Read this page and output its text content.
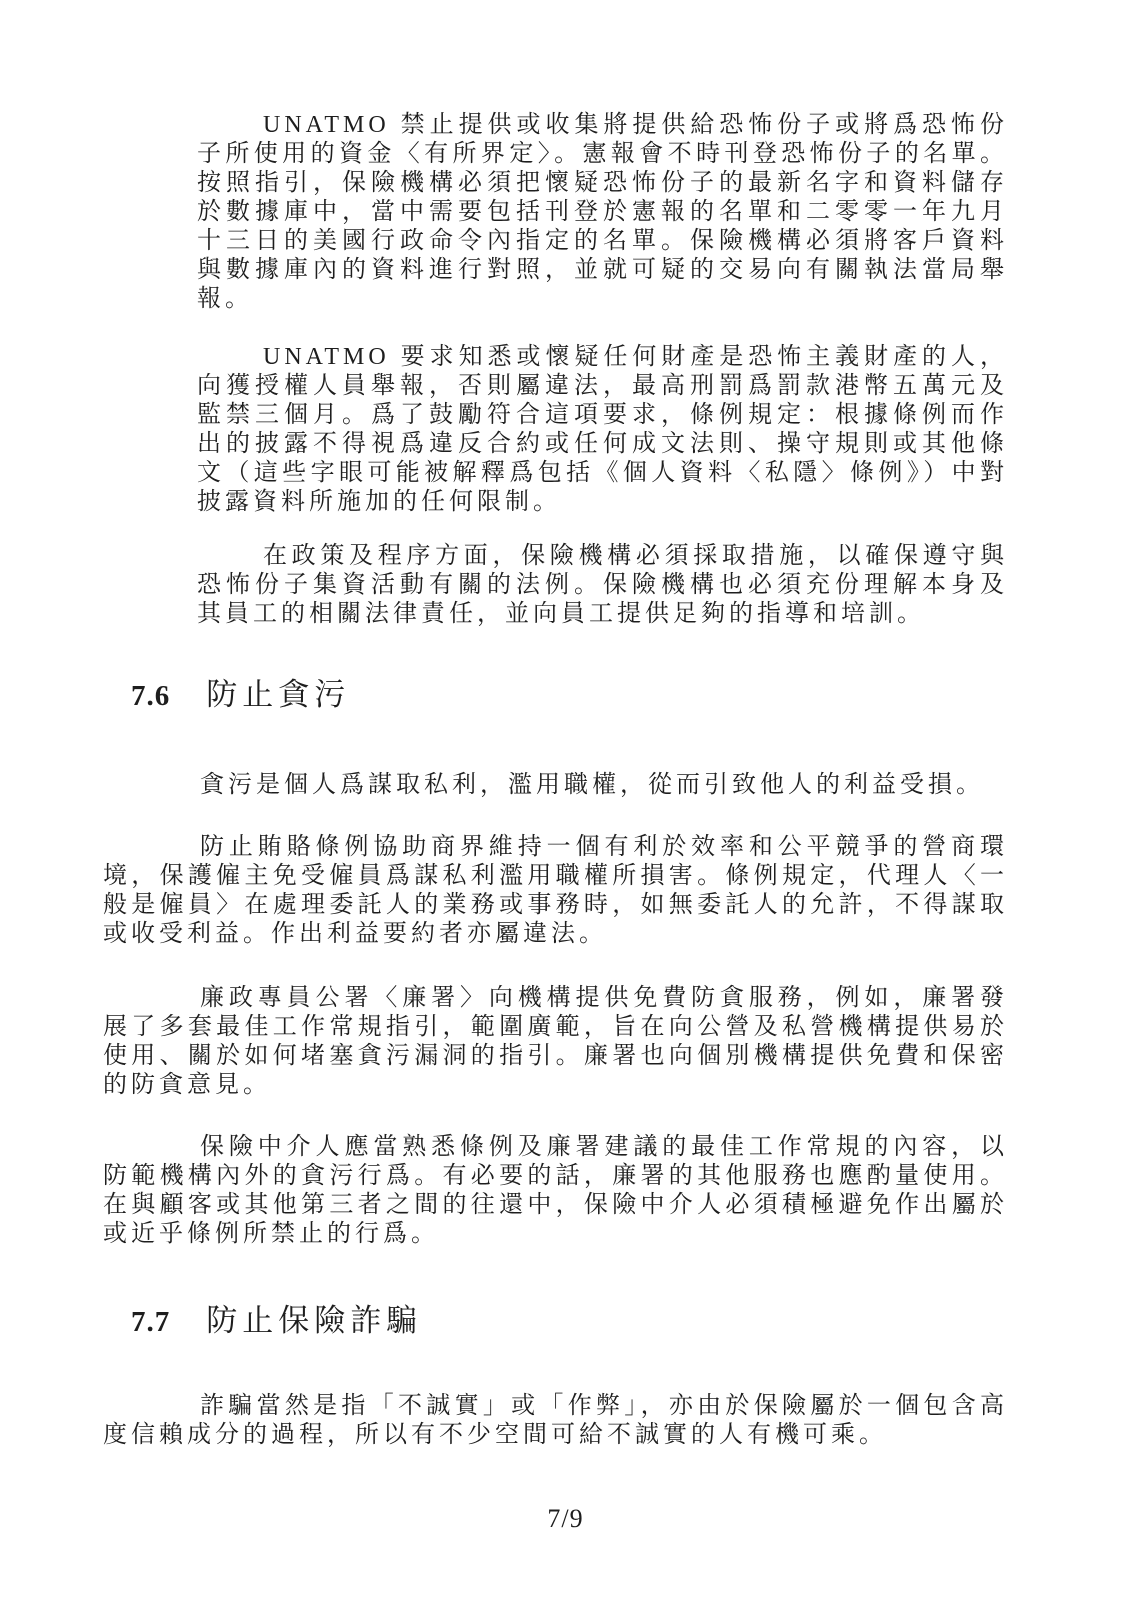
UNATMO 禁止提供或收集將提供給恐怖份子或將爲恐怖份子所使用的資金〈有所界定〉。憲報會不時刊登恐怖份子的名單。按照指引，保險機構必須把懷疑恐怖份子的最新名字和資料儲存於數據庫中，當中需要包括刊登於憲報的名單和二零零一年九月十三日的美國行政命令內指定的名單。保險機構必須將客戶資料與數據庫內的資料進行對照，並就可疑的交易向有關執法當局舉報。

UNATMO 要求知悉或懷疑任何財產是恐怖主義財產的人，向獲授權人員舉報，否則屬違法，最高刑罰爲罰款港幣五萬元及監禁三個月。爲了鼓勵符合這項要求，條例規定：根據條例而作出的披露不得視爲違反合約或任何成文法則、操守規則或其他條文（這些字眼可能被解釋爲包括《個人資料〈私隱〉條例》）中對披露資料所施加的任何限制。

在政策及程序方面，保險機構必須採取措施，以確保遵守與恐怖份子集資活動有關的法例。保險機構也必須充份理解本身及其員工的相關法律責任，並向員工提供足夠的指導和培訓。

7.6 防止貪污

貪污是個人爲謀取私利，濫用職權，從而引致他人的利益受損。

防止賄賂條例協助商界維持一個有利於效率和公平競爭的營商環境，保護僱主免受僱員爲謀私利濫用職權所損害。條例規定，代理人〈一般是僱員〉在處理委託人的業務或事務時，如無委託人的允許，不得謀取或收受利益。作出利益要約者亦屬違法。

廉政專員公署〈廉署〉向機構提供免費防貪服務，例如，廉署發展了多套最佳工作常規指引，範圍廣範，旨在向公營及私營機構提供易於使用、關於如何堵塞貪污漏洞的指引。廉署也向個別機構提供免費和保密的防貪意見。

保險中介人應當熟悉條例及廉署建議的最佳工作常規的內容，以防範機構內外的貪污行爲。有必要的話，廉署的其他服務也應酌量使用。在與顧客或其他第三者之間的往還中，保險中介人必須積極避免作出屬於或近乎條例所禁止的行爲。

7.7 防止保險詐騙

詐騙當然是指「不誠實」或「作弊」，亦由於保險屬於一個包含高度信賴成分的過程，所以有不少空間可給不誠實的人有機可乘。

7/9
